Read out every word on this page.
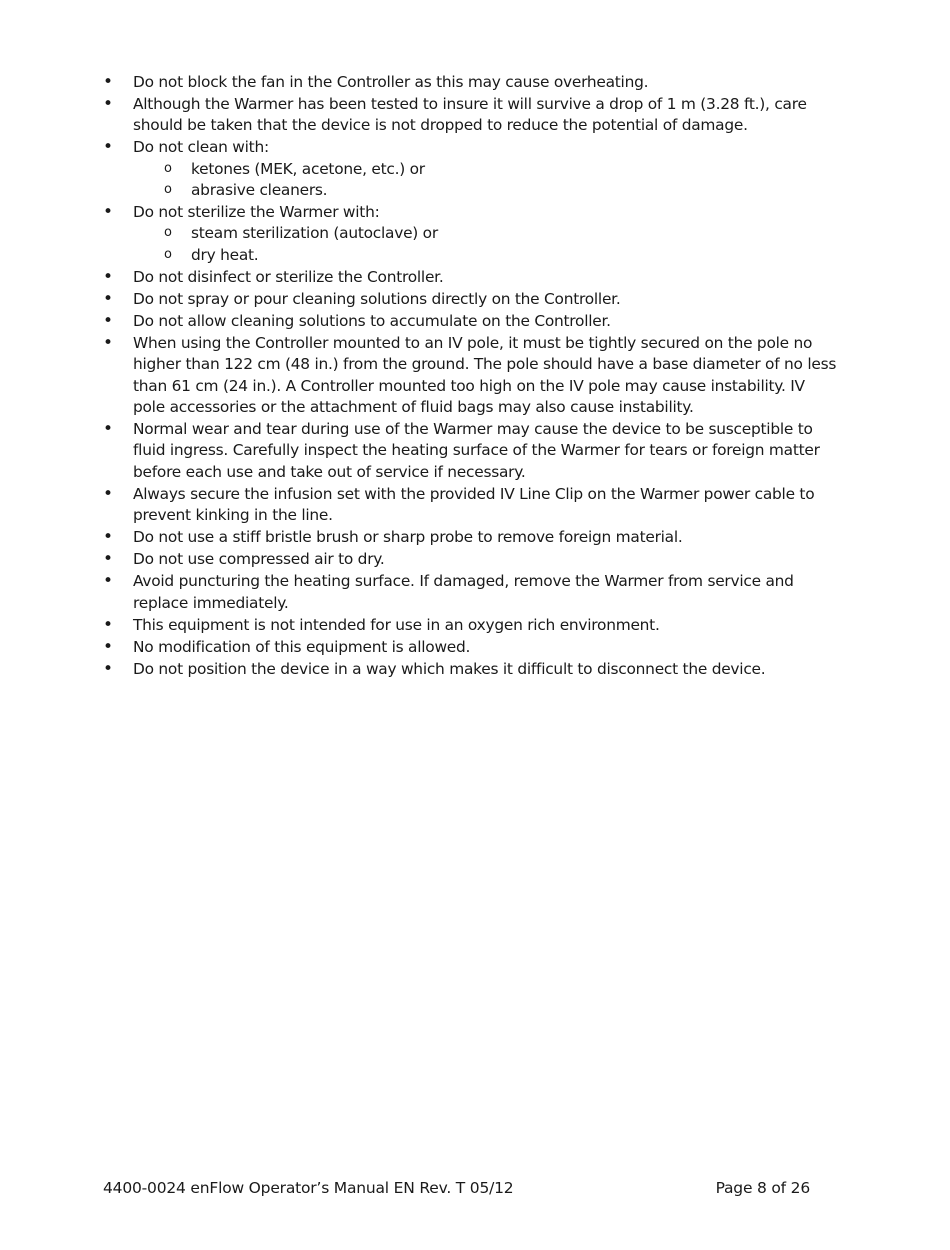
• Do not block the fan in the Controller as this may cause overheating.
• Although the Warmer has been tested to insure it will survive a drop of 1 m (3.28 ft.), care should be taken that the device is not dropped to reduce the potential of damage.
• Do not clean with:
o ketones (MEK, acetone, etc.) or
o abrasive cleaners.
• Do not sterilize the Warmer with:
o steam sterilization (autoclave) or
o dry heat.
• Do not disinfect or sterilize the Controller.
• Do not spray or pour cleaning solutions directly on the Controller.
• Do not allow cleaning solutions to accumulate on the Controller.
• When using the Controller mounted to an IV pole, it must be tightly secured on the pole no higher than 122 cm (48 in.) from the ground. The pole should have a base diameter of no less than 61 cm (24 in.). A Controller mounted too high on the IV pole may cause instability. IV pole accessories or the attachment of fluid bags may also cause instability.
• Normal wear and tear during use of the Warmer may cause the device to be susceptible to fluid ingress. Carefully inspect the heating surface of the Warmer for tears or foreign matter before each use and take out of service if necessary.
• Always secure the infusion set with the provided IV Line Clip on the Warmer power cable to prevent kinking in the line.
• Do not use a stiff bristle brush or sharp probe to remove foreign material.
• Do not use compressed air to dry.
• Avoid puncturing the heating surface. If damaged, remove the Warmer from service and replace immediately.
• This equipment is not intended for use in an oxygen rich environment.
• No modification of this equipment is allowed.
• Do not position the device in a way which makes it difficult to disconnect the device.
4400-0024 enFlow Operator’s Manual EN Rev. T 05/12	Page 8 of 26
